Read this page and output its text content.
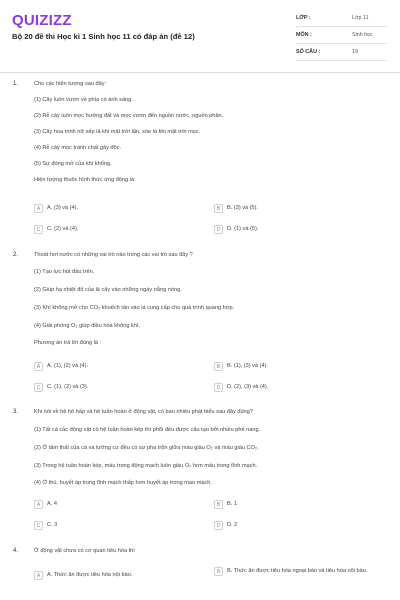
QUIZIZZ
Bộ 20 đề thi Học kì 1 Sinh học 11 có đáp án (đề 12)
LỚP :	Lớp 11
MÔN :	Sinh học
SỐ CÂU :	19
1.	Cho các hiện tượng sau đây:
(1) Cây luôn vươn về phía có ánh sáng.
(2) Rễ cây luôn mọc hướng đất và mọc vươn đến nguồn nước, nguồn phân.
(3) Cây hoa trinh nữ xếp lá khi mặt trời lặn, xòe lá khi mặt trời mọc.
(4) Rễ cây mọc tránh chất gây độc.
(5) Sự đóng mở của khí khổng.
Hiện tượng thuộc hình thức ứng động là:
A	A. (3) và (4).	B	B. (3) và (5).
C	C. (2) và (4).	D	D. (1) và (5).
2.	Thoát hơi nước có những vai trò nào trong các vai trò sau đây ?
(1) Tạo lực hút đầu trên.
(2) Giúp hạ nhiệt độ của lá cây vào những ngày nắng nóng.
(3) Khí khổng mở cho CO₂ khuếch tán vào lá cung cấp cho quá trình quang hợp.
(4) Giải phóng O₂ giúp điều hòa không khí.
Phương án trả lời đúng là :
A	A. (1), (2) và (4).	B	B. (1), (3) và (4).
C	C. (1), (2) và (3).	D	D. (2), (3) và (4).
3.	Khi nói về hệ hô hấp và hệ tuần hoàn ở động vật, có bao nhiêu phát biểu sau đây đúng?
(1) Tất cả các động vật có hệ tuần hoàn kép thì phổi đều được cấu tạo bởi nhiều phế nang.
(2) Ở tâm thất của cá và lưỡng cư đều có sự pha trộn giữa máu giàu O₂ và máu giàu CO₂.
(3) Trong hệ tuần hoàn kép, máu trong động mạch luôn giàu O₂ hơn máu trong tĩnh mạch.
(4) Ở thú, huyết áp trong tĩnh mạch thấp hơn huyết áp trong mao mạch.
A	A. 4	B	B. 1
C	C. 3	D	D. 2
4.	Ở động vật chưa có cơ quan tiêu hóa thì
A	A. Thức ăn được tiêu hóa nội bào.
B	B. Thức ăn được tiêu hóa ngoại bào và tiêu hóa nội bào.
